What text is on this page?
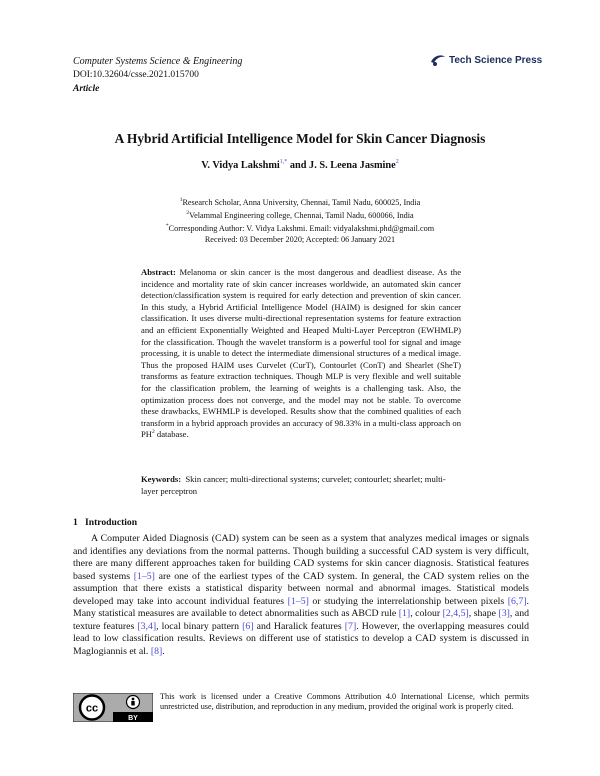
Computer Systems Science & Engineering
DOI:10.32604/csse.2021.015700
Article
Tech Science Press
A Hybrid Artificial Intelligence Model for Skin Cancer Diagnosis
V. Vidya Lakshmi$^{1,*}$ and J. S. Leena Jasmine$^2$
$^1$Research Scholar, Anna University, Chennai, Tamil Nadu, 600025, India
$^2$Velammal Engineering college, Chennai, Tamil Nadu, 600066, India
*Corresponding Author: V. Vidya Lakshmi. Email: vidyalakshmi.phd@gmail.com
Received: 03 December 2020; Accepted: 06 January 2021
Abstract: Melanoma or skin cancer is the most dangerous and deadliest disease. As the incidence and mortality rate of skin cancer increases worldwide, an automated skin cancer detection/classification system is required for early detection and prevention of skin cancer. In this study, a Hybrid Artificial Intelligence Model (HAIM) is designed for skin cancer classification. It uses diverse multi-directional representation systems for feature extraction and an efficient Exponentially Weighted and Heaped Multi-Layer Perceptron (EWHMLP) for the classification. Though the wavelet transform is a powerful tool for signal and image processing, it is unable to detect the intermediate dimensional structures of a medical image. Thus the proposed HAIM uses Curvelet (CurT), Contourlet (ConT) and Shearlet (SheT) transforms as feature extraction techniques. Though MLP is very flexible and well suitable for the classification problem, the learning of weights is a challenging task. Also, the optimization process does not converge, and the model may not be stable. To overcome these drawbacks, EWHMLP is developed. Results show that the combined qualities of each transform in a hybrid approach provides an accuracy of 98.33% in a multi-class approach on $PH^2$ database.
Keywords: Skin cancer; multi-directional systems; curvelet; contourlet; shearlet; multi-layer perceptron
1 Introduction
A Computer Aided Diagnosis (CAD) system can be seen as a system that analyzes medical images or signals and identifies any deviations from the normal patterns. Though building a successful CAD system is very difficult, there are many different approaches taken for building CAD systems for skin cancer diagnosis. Statistical features based systems [1–5] are one of the earliest types of the CAD system. In general, the CAD system relies on the assumption that there exists a statistical disparity between normal and abnormal images. Statistical models developed may take into account individual features [1–5] or studying the interrelationship between pixels [6,7]. Many statistical measures are available to detect abnormalities such as ABCD rule [1], colour [2,4,5], shape [3], and texture features [3,4], local binary pattern [6] and Haralick features [7]. However, the overlapping measures could lead to low classification results. Reviews on different use of statistics to develop a CAD system is discussed in Maglogiannis et al. [8].
cc
BY
This work is licensed under a Creative Commons Attribution 4.0 International License, which permits unrestricted use, distribution, and reproduction in any medium, provided the original work is properly cited.
